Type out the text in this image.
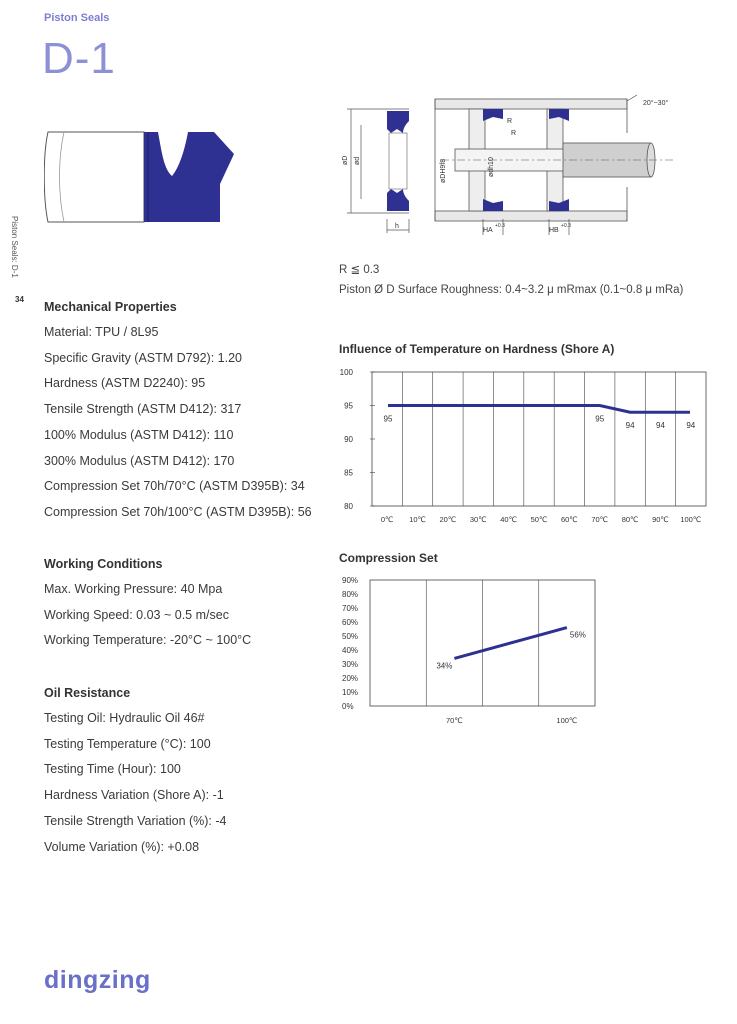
Piston Seals
D-1
Piston Seals: D-1
34
øD ød
h
20°~30°
R
R
øDH9f8	ødh10
HA
+0.3
HB
+0.3
R ≦ 0.3
Piston Ø D Surface Roughness: 0.4~3.2 μ mRmax (0.1~0.8 μ mRa)
Mechanical Properties
Material: TPU / 8L95
Specific Gravity (ASTM D792): 1.20
Hardness (ASTM D2240): 95
Tensile Strength (ASTM D412): 317
100% Modulus (ASTM D412): 110
300% Modulus (ASTM D412): 170
Compression Set 70h/70°C (ASTM D395B): 34
Compression Set 70h/100°C (ASTM D395B): 56
Working Conditions
Max. Working Pressure: 40 Mpa
Working Speed: 0.03 ~ 0.5 m/sec
Working Temperature: -20°C ~ 100°C
Oil Resistance
Testing Oil: Hydraulic Oil 46#
Testing Temperature (°C): 100
Testing Time (Hour): 100
Hardness Variation (Shore A): -1
Tensile Strength Variation (%): -4
Volume Variation (%): +0.08
Influence of Temperature on Hardness (Shore A)
80
85
90
95
100
0℃ 10℃ 20℃ 30℃ 40℃ 50℃ 60℃ 70℃ 80℃ 90℃ 100℃
95	95
94	94	94
Compression Set
0%
10%
20%
30%
40%
50%
60%
70%
80%
90%
70℃	100℃
34%
56%
dingzing
